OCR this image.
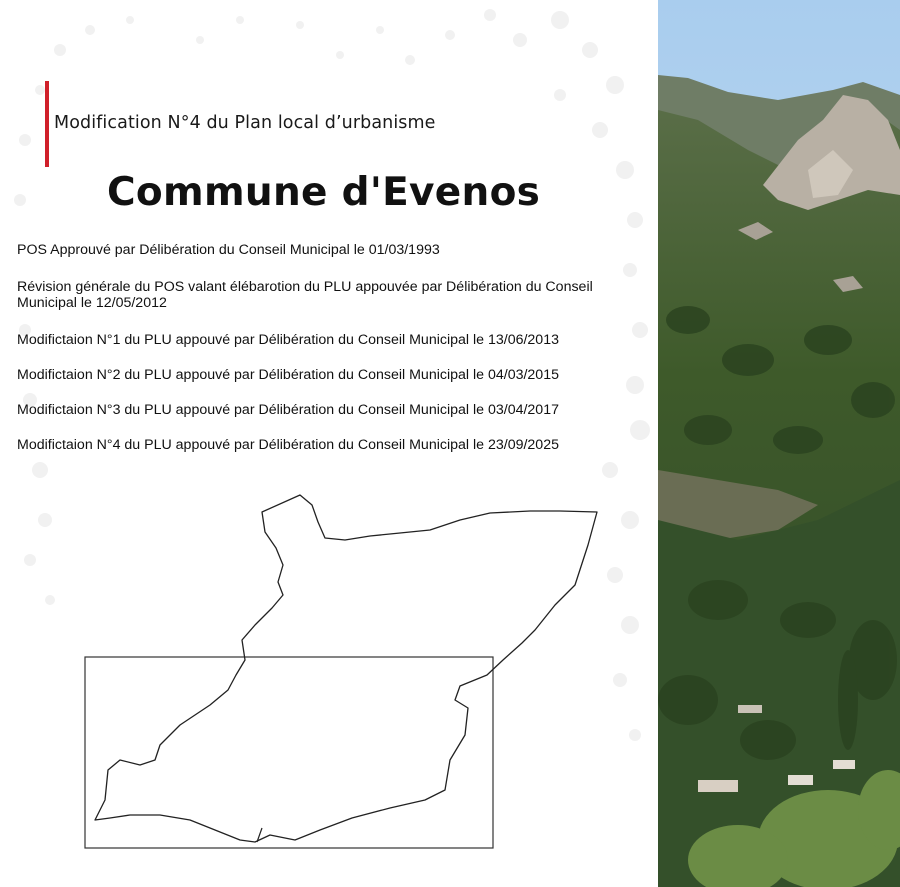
Modification N°4 du Plan local d’urbanisme
Commune d'Evenos
POS Approuvé par Délibération du Conseil Municipal le 01/03/1993
Révision générale du POS valant élébarotion du PLU appouvée par Délibération du Conseil Municipal le 12/05/2012
Modifictaion N°1 du PLU appouvé par Délibération du Conseil Municipal le 13/06/2013
Modifictaion N°2 du PLU appouvé par Délibération du Conseil Municipal le 04/03/2015
Modifictaion N°3 du PLU appouvé par Délibération du Conseil Municipal le 03/04/2017
Modifictaion N°4 du PLU appouvé par Délibération du Conseil Municipal le 23/09/2025
